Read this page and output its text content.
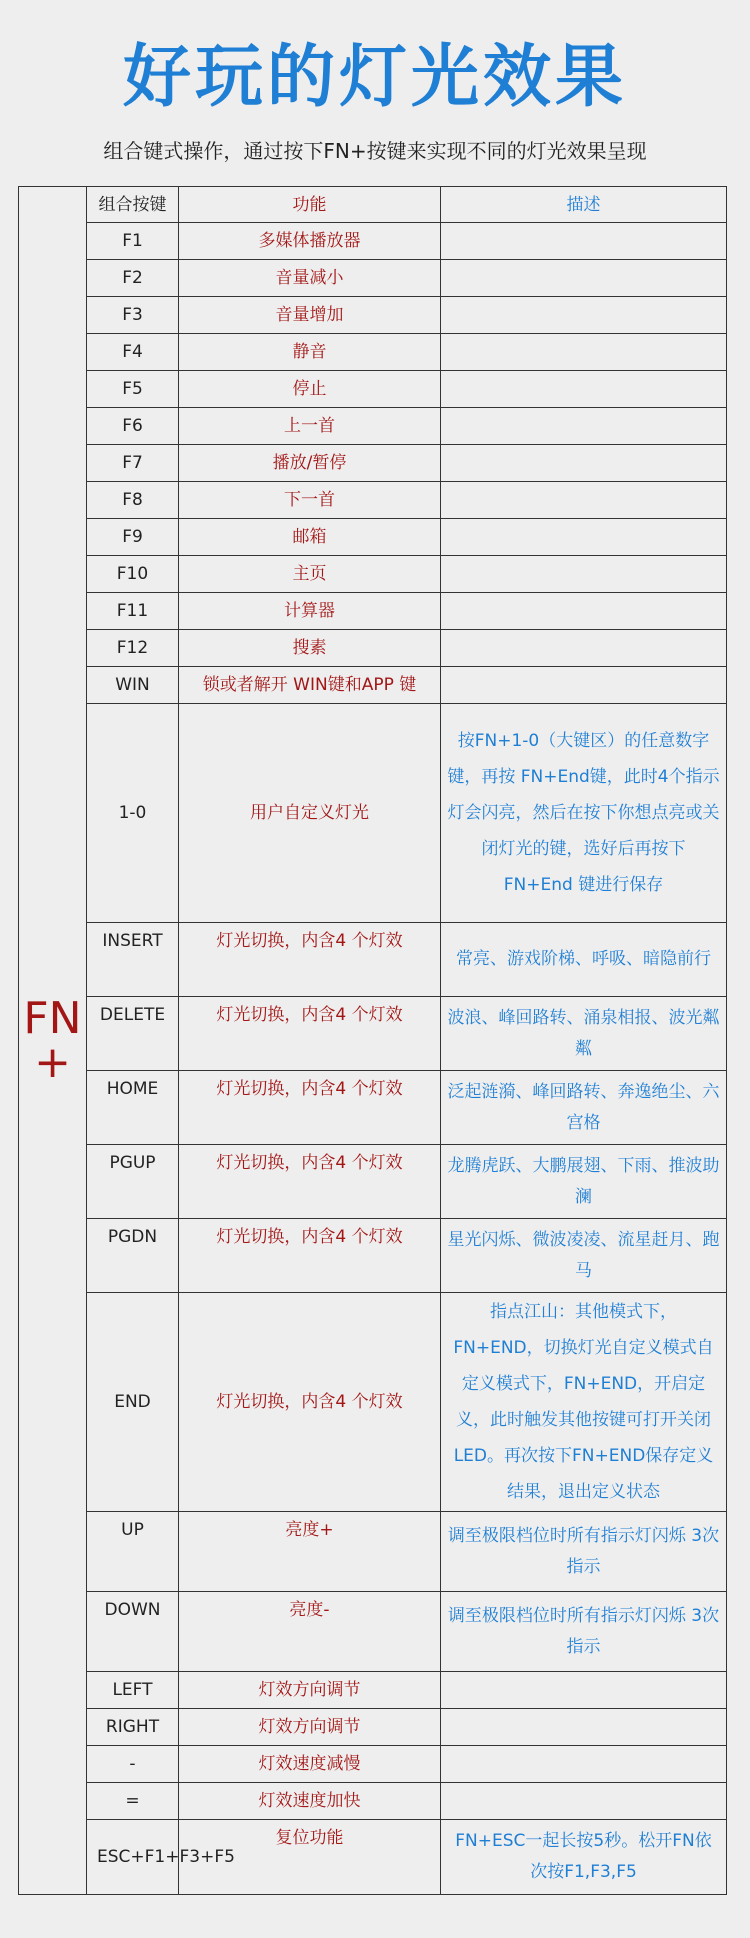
好玩的灯光效果
组合键式操作，通过按下FN+按键来实现不同的灯光效果呈现
FN
+	组合按键	功能	描述
	F1	多媒体播放器	
	F2	音量减小	
	F3	音量增加	
	F4	静音	
	F5	停止	
	F6	上一首	
	F7	播放/暂停	
	F8	下一首	
	F9	邮箱	
	F10	主页	
	F11	计算器	
	F12	搜素	
	WIN	锁或者解开 WIN键和APP 键	
	1-0	用户自定义灯光	按FN+1-0（大键区）的任意数字键，再按 FN+End键，此时4个指示灯会闪亮，然后在按下你想点亮或关闭灯光的键，选好后再按下FN+End 键进行保存
	INSERT	灯光切换，内含4 个灯效	常亮、游戏阶梯、呼吸、暗隐前行
	DELETE	灯光切换，内含4 个灯效	波浪、峰回路转、涌泉相报、波光粼粼
	HOME	灯光切换，内含4 个灯效	泛起涟漪、峰回路转、奔逸绝尘、六宫格
	PGUP	灯光切换，内含4 个灯效	龙腾虎跃、大鹏展翅、下雨、推波助澜
	PGDN	灯光切换，内含4 个灯效	星光闪烁、微波凌凌、流星赶月、跑马
	END	灯光切换，内含4 个灯效	指点江山：其他模式下，FN+END，切换灯光自定义模式自定义模式下，FN+END，开启定义，此时触发其他按键可打开关闭 LED。再次按下FN+END保存定义结果，退出定义状态
	UP	亮度+	调至极限档位时所有指示灯闪烁 3次指示
	DOWN	亮度-	调至极限档位时所有指示灯闪烁 3次指示
	LEFT	灯效方向调节	
	RIGHT	灯效方向调节	
	-	灯效速度减慢	
	=	灯效速度加快	
	ESC+F1+F3+F5	复位功能	FN+ESC一起长按5秒。松开FN依次按F1,F3,F5
